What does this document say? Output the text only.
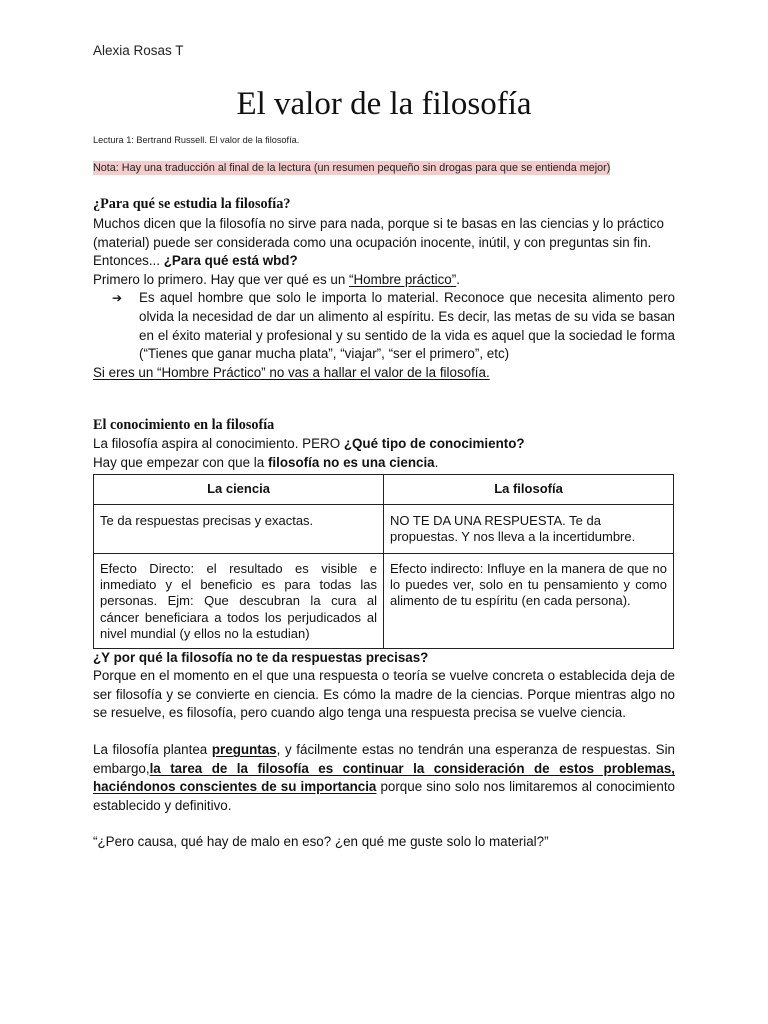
Alexia Rosas T
El valor de la filosofía
Lectura 1: Bertrand Russell. El valor de la filosofía.
Nota: Hay una traducción al final de la lectura (un resumen pequeño sin drogas para que se entienda mejor)
¿Para qué se estudia la filosofía?

Muchos dicen que la filosofía no sirve para nada, porque si te basas en las ciencias y lo práctico (material) puede ser considerada como una ocupación inocente, inútil, y con preguntas sin fin.

Entonces... ¿Para qué está wbd?

Primero lo primero. Hay que ver qué es un “Hombre práctico”.

➔ Es aquel hombre que solo le importa lo material. Reconoce que necesita alimento pero olvida la necesidad de dar un alimento al espíritu. Es decir, las metas de su vida se basan en el éxito material y profesional y su sentido de la vida es aquel que la sociedad le forma (“Tienes que ganar mucha plata”, “viajar”, “ser el primero”, etc)

Si eres un “Hombre Práctico” no vas a hallar el valor de la filosofía.

El conocimiento en la filosofía

La filosofía aspira al conocimiento. PERO ¿Qué tipo de conocimiento?

Hay que empezar con que la filosofía no es una ciencia.

La ciencia	La filosofía
Te da respuestas precisas y exactas.	NO TE DA UNA RESPUESTA. Te da propuestas. Y nos lleva a la incertidumbre.
Efecto Directo: el resultado es visible e inmediato y el beneficio es para todas las personas. Ejm: Que descubran la cura al cáncer beneficiara a todos los perjudicados al nivel mundial (y ellos no la estudian)	Efecto indirecto: Influye en la manera de que no lo puedes ver, solo en tu pensamiento y como alimento de tu espíritu (en cada persona).

¿Y por qué la filosofía no te da respuestas precisas?

Porque en el momento en el que una respuesta o teoría se vuelve concreta o establecida deja de ser filosofía y se convierte en ciencia. Es cómo la madre de la ciencias. Porque mientras algo no se resuelve, es filosofía, pero cuando algo tenga una respuesta precisa se vuelve ciencia.

La filosofía plantea preguntas, y fácilmente estas no tendrán una esperanza de respuestas. Sin embargo,la tarea de la filosofía es continuar la consideración de estos problemas, haciéndonos conscientes de su importancia porque sino solo nos limitaremos al conocimiento establecido y definitivo.

“¿Pero causa, qué hay de malo en eso? ¿en qué me guste solo lo material?”
